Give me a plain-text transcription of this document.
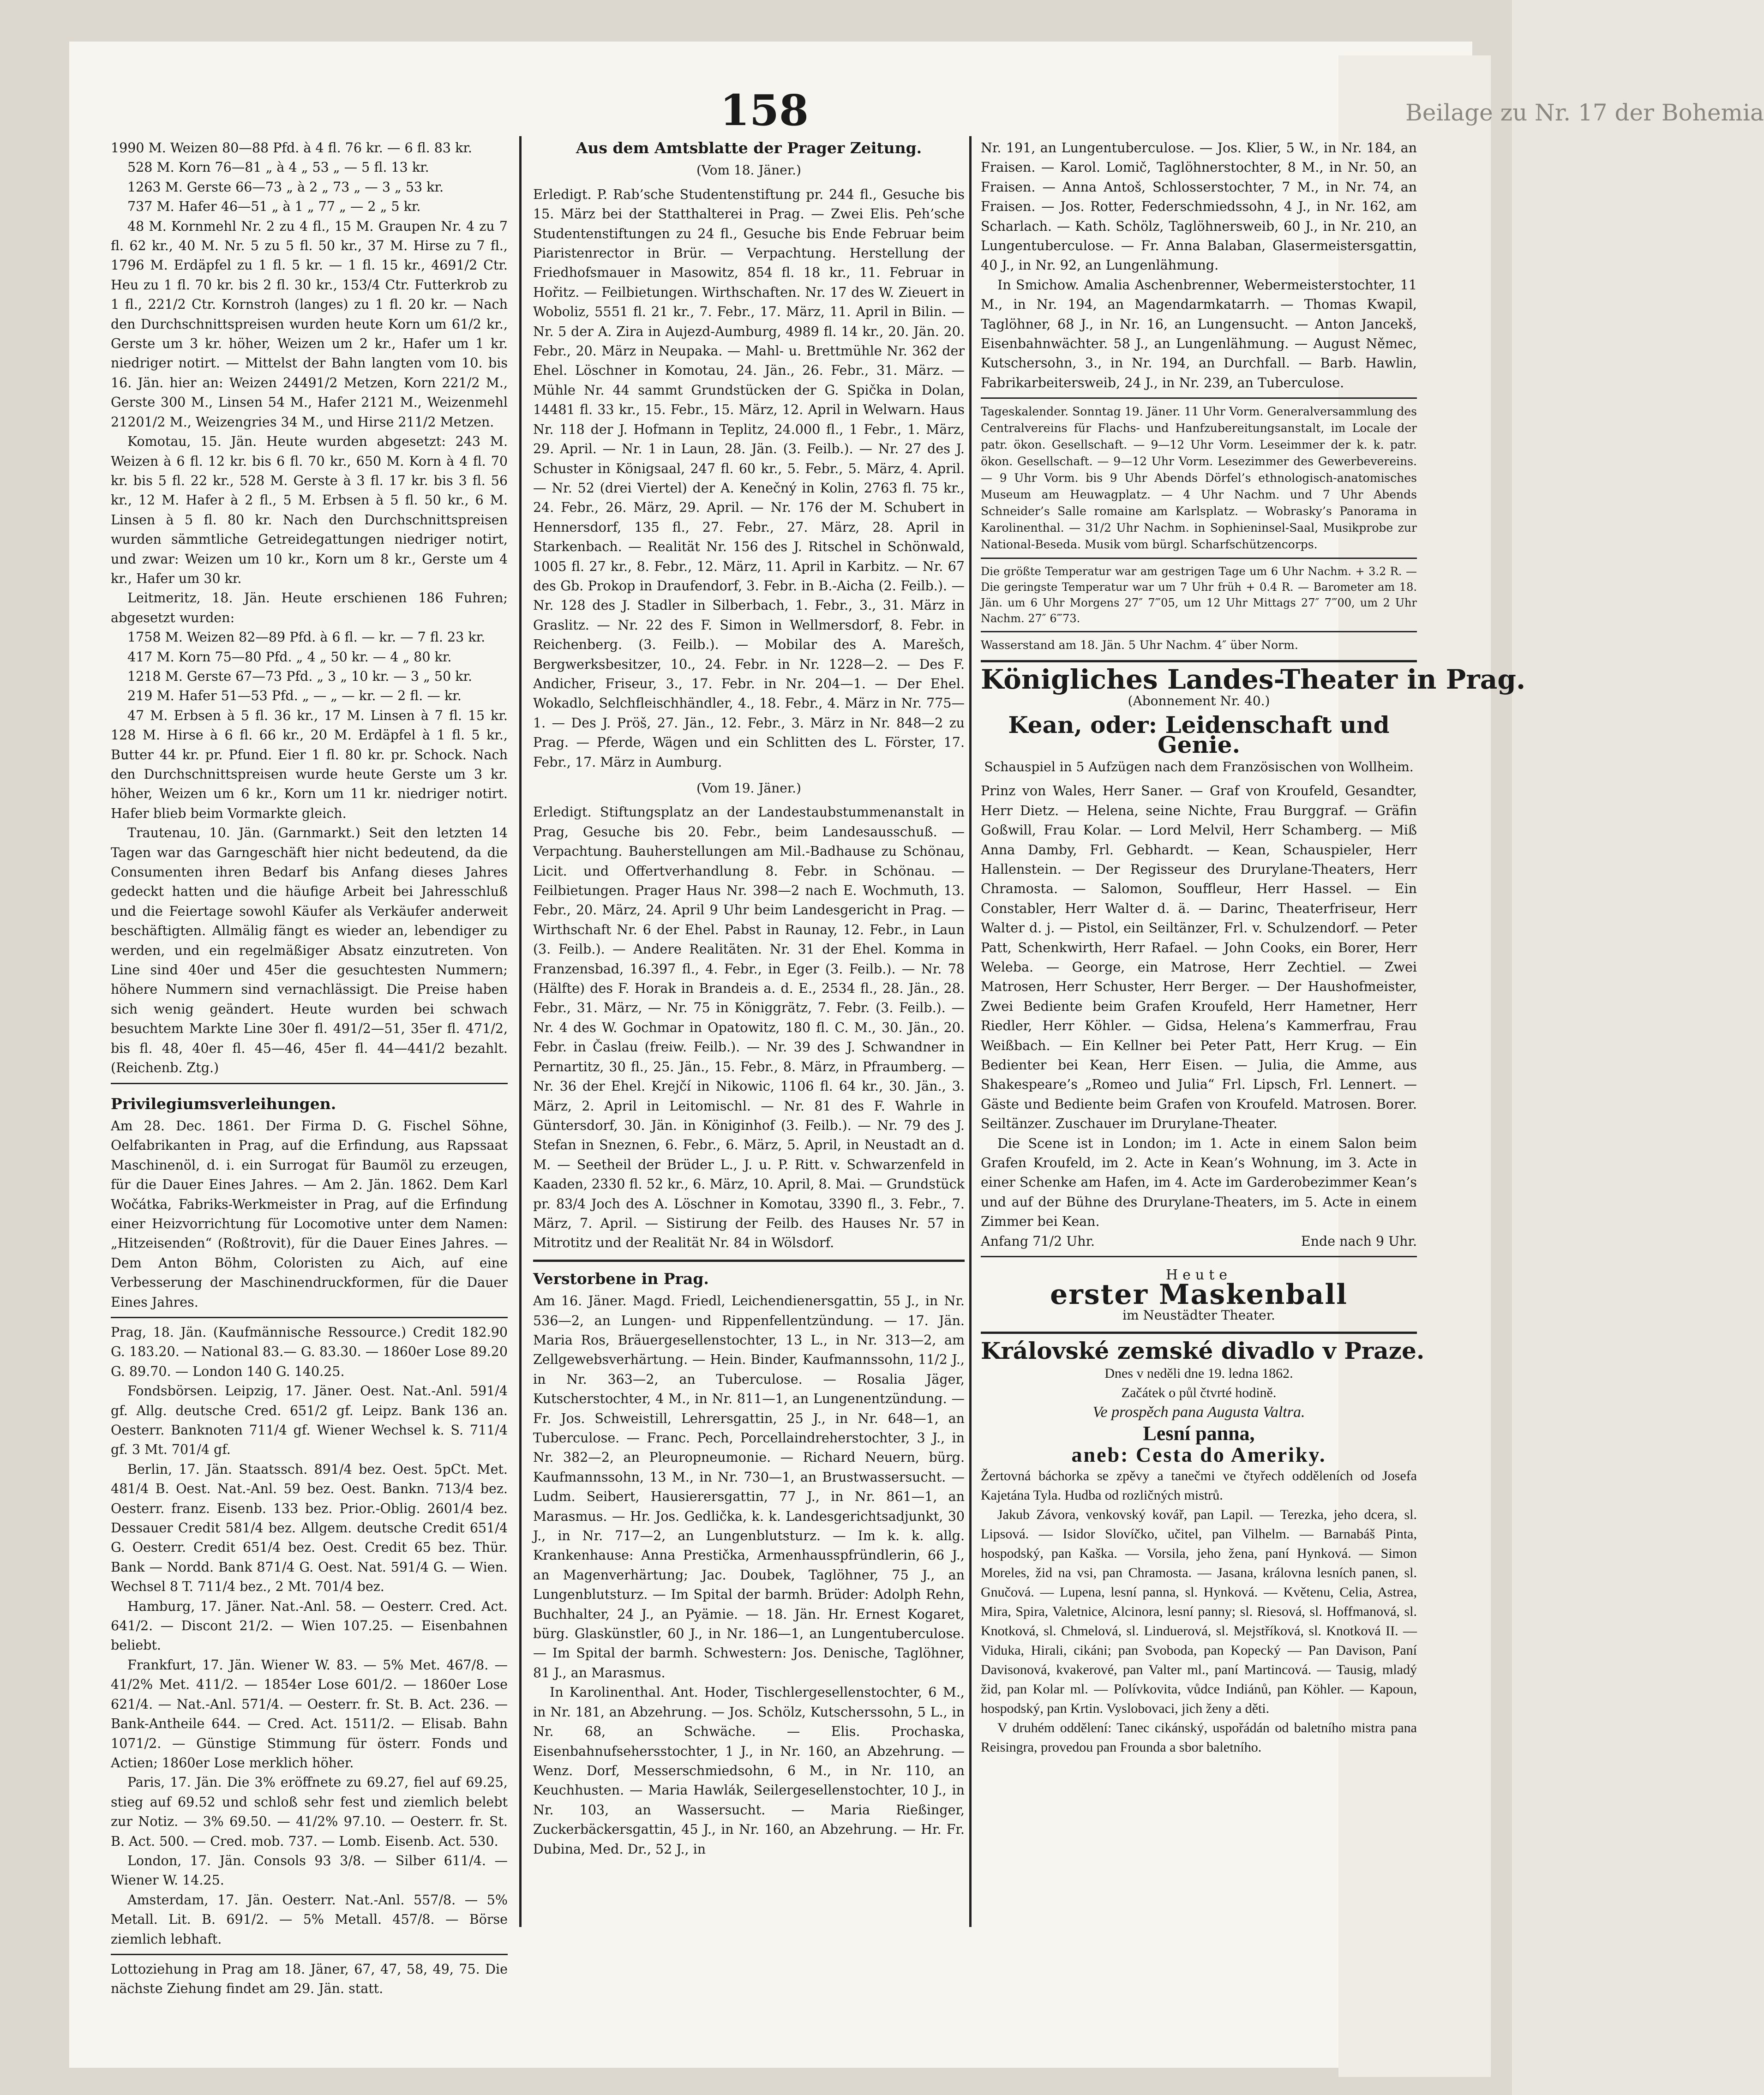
Beilage zu Nr. 17 der Bohemia
158

1990 M. Weizen 80—88 Pfd. à 4 fl. 76 kr. — 6 fl. 83 kr.

528 M. Korn 76—81 „ à 4 „ 53 „ — 5 fl. 13 kr.

1263 M. Gerste 66—73 „ à 2 „ 73 „ — 3 „ 53 kr.

737 M. Hafer 46—51 „ à 1 „ 77 „ — 2 „ 5 kr.

48 M. Kornmehl Nr. 2 zu 4 fl., 15 M. Graupen Nr. 4 zu 7 fl. 62 kr., 40 M. Nr. 5 zu 5 fl. 50 kr., 37 M. Hirse zu 7 fl., 1796 M. Erdäpfel zu 1 fl. 5 kr. — 1 fl. 15 kr., 4691/2 Ctr. Heu zu 1 fl. 70 kr. bis 2 fl. 30 kr., 153/4 Ctr. Futterkrob zu 1 fl., 221/2 Ctr. Kornstroh (langes) zu 1 fl. 20 kr. — Nach den Durchschnittspreisen wurden heute Korn um 61/2 kr., Gerste um 3 kr. höher, Weizen um 2 kr., Hafer um 1 kr. niedriger notirt. — Mittelst der Bahn langten vom 10. bis 16. Jän. hier an: Weizen 24491/2 Metzen, Korn 221/2 M., Gerste 300 M., Linsen 54 M., Hafer 2121 M., Weizenmehl 21201/2 M., Weizengries 34 M., und Hirse 211/2 Metzen.

Komotau, 15. Jän. Heute wurden abgesetzt: 243 M. Weizen à 6 fl. 12 kr. bis 6 fl. 70 kr., 650 M. Korn à 4 fl. 70 kr. bis 5 fl. 22 kr., 528 M. Gerste à 3 fl. 17 kr. bis 3 fl. 56 kr., 12 M. Hafer à 2 fl., 5 M. Erbsen à 5 fl. 50 kr., 6 M. Linsen à 5 fl. 80 kr. Nach den Durchschnittspreisen wurden sämmtliche Getreidegattungen niedriger notirt, und zwar: Weizen um 10 kr., Korn um 8 kr., Gerste um 4 kr., Hafer um 30 kr.

Leitmeritz, 18. Jän. Heute erschienen 186 Fuhren; abgesetzt wurden:

1758 M. Weizen 82—89 Pfd. à 6 fl. — kr. — 7 fl. 23 kr.

417 M. Korn 75—80 Pfd. „ 4 „ 50 kr. — 4 „ 80 kr.

1218 M. Gerste 67—73 Pfd. „ 3 „ 10 kr. — 3 „ 50 kr.

219 M. Hafer 51—53 Pfd. „ — „ — kr. — 2 fl. — kr.

47 M. Erbsen à 5 fl. 36 kr., 17 M. Linsen à 7 fl. 15 kr. 128 M. Hirse à 6 fl. 66 kr., 20 M. Erdäpfel à 1 fl. 5 kr., Butter 44 kr. pr. Pfund. Eier 1 fl. 80 kr. pr. Schock. Nach den Durchschnittspreisen wurde heute Gerste um 3 kr. höher, Weizen um 6 kr., Korn um 11 kr. niedriger notirt. Hafer blieb beim Vormarkte gleich.

Trautenau, 10. Jän. (Garnmarkt.) Seit den letzten 14 Tagen war das Garngeschäft hier nicht bedeutend, da die Consumenten ihren Bedarf bis Anfang dieses Jahres gedeckt hatten und die häufige Arbeit bei Jahresschluß und die Feiertage sowohl Käufer als Verkäufer anderweit beschäftigten. Allmälig fängt es wieder an, lebendiger zu werden, und ein regelmäßiger Absatz einzutreten. Von Line sind 40er und 45er die gesuchtesten Nummern; höhere Nummern sind vernachlässigt. Die Preise haben sich wenig geändert. Heute wurden bei schwach besuchtem Markte Line 30er fl. 491/2—51, 35er fl. 471/2, bis fl. 48, 40er fl. 45—46, 45er fl. 44—441/2 bezahlt. (Reichenb. Ztg.)

Privilegiumsverleihungen.

Am 28. Dec. 1861. Der Firma D. G. Fischel Söhne, Oelfabrikanten in Prag, auf die Erfindung, aus Rapssaat Maschinenöl, d. i. ein Surrogat für Baumöl zu erzeugen, für die Dauer Eines Jahres. — Am 2. Jän. 1862. Dem Karl Wočátka, Fabriks-Werkmeister in Prag, auf die Erfindung einer Heizvorrichtung für Locomotive unter dem Namen: „Hitzeisenden“ (Roßtrovit), für die Dauer Eines Jahres. — Dem Anton Böhm, Coloristen zu Aich, auf eine Verbesserung der Maschinendruckformen, für die Dauer Eines Jahres.

Prag, 18. Jän. (Kaufmännische Ressource.) Credit 182.90 G. 183.20. — National 83.— G. 83.30. — 1860er Lose 89.20 G. 89.70. — London 140 G. 140.25.

Fondsbörsen. Leipzig, 17. Jäner. Oest. Nat.-Anl. 591/4 gf. Allg. deutsche Cred. 651/2 gf. Leipz. Bank 136 an. Oesterr. Banknoten 711/4 gf. Wiener Wechsel k. S. 711/4 gf. 3 Mt. 701/4 gf.

Berlin, 17. Jän. Staatssch. 891/4 bez. Oest. 5pCt. Met. 481/4 B. Oest. Nat.-Anl. 59 bez. Oest. Bankn. 713/4 bez. Oesterr. franz. Eisenb. 133 bez. Prior.-Oblig. 2601/4 bez. Dessauer Credit 581/4 bez. Allgem. deutsche Credit 651/4 G. Oesterr. Credit 651/4 bez. Oest. Credit 65 bez. Thür. Bank — Nordd. Bank 871/4 G. Oest. Nat. 591/4 G. — Wien. Wechsel 8 T. 711/4 bez., 2 Mt. 701/4 bez.

Hamburg, 17. Jäner. Nat.-Anl. 58. — Oesterr. Cred. Act. 641/2. — Discont 21/2. — Wien 107.25. — Eisenbahnen beliebt.

Frankfurt, 17. Jän. Wiener W. 83. — 5% Met. 467/8. — 41/2% Met. 411/2. — 1854er Lose 601/2. — 1860er Lose 621/4. — Nat.-Anl. 571/4. — Oesterr. fr. St. B. Act. 236. — Bank-Antheile 644. — Cred. Act. 1511/2. — Elisab. Bahn 1071/2. — Günstige Stimmung für österr. Fonds und Actien; 1860er Lose merklich höher.

Paris, 17. Jän. Die 3% eröffnete zu 69.27, fiel auf 69.25, stieg auf 69.52 und schloß sehr fest und ziemlich belebt zur Notiz. — 3% 69.50. — 41/2% 97.10. — Oesterr. fr. St. B. Act. 500. — Cred. mob. 737. — Lomb. Eisenb. Act. 530.

London, 17. Jän. Consols 93 3/8. — Silber 611/4. — Wiener W. 14.25.

Amsterdam, 17. Jän. Oesterr. Nat.-Anl. 557/8. — 5% Metall. Lit. B. 691/2. — 5% Metall. 457/8. — Börse ziemlich lebhaft.

Lottoziehung in Prag am 18. Jäner, 67, 47, 58, 49, 75. Die nächste Ziehung findet am 29. Jän. statt.

Aus dem Amtsblatte der Prager Zeitung.
(Vom 18. Jäner.)

Erledigt. P. Rab’sche Studentenstiftung pr. 244 fl., Gesuche bis 15. März bei der Statthalterei in Prag. — Zwei Elis. Peh’sche Studentenstiftungen zu 24 fl., Gesuche bis Ende Februar beim Piaristenrector in Brür. — Verpachtung. Herstellung der Friedhofsmauer in Masowitz, 854 fl. 18 kr., 11. Februar in Hořitz. — Feilbietungen. Wirthschaften. Nr. 17 des W. Zieuert in Woboliz, 5551 fl. 21 kr., 7. Febr., 17. März, 11. April in Bilin. — Nr. 5 der A. Zira in Aujezd-Aumburg, 4989 fl. 14 kr., 20. Jän. 20. Febr., 20. März in Neupaka. — Mahl- u. Brettmühle Nr. 362 der Ehel. Löschner in Komotau, 24. Jän., 26. Febr., 31. März. — Mühle Nr. 44 sammt Grundstücken der G. Spička in Dolan, 14481 fl. 33 kr., 15. Febr., 15. März, 12. April in Welwarn. Haus Nr. 118 der J. Hofmann in Teplitz, 24.000 fl., 1 Febr., 1. März, 29. April. — Nr. 1 in Laun, 28. Jän. (3. Feilb.). — Nr. 27 des J. Schuster in Königsaal, 247 fl. 60 kr., 5. Febr., 5. März, 4. April. — Nr. 52 (drei Viertel) der A. Kenečný in Kolin, 2763 fl. 75 kr., 24. Febr., 26. März, 29. April. — Nr. 176 der M. Schubert in Hennersdorf, 135 fl., 27. Febr., 27. März, 28. April in Starkenbach. — Realität Nr. 156 des J. Ritschel in Schönwald, 1005 fl. 27 kr., 8. Febr., 12. März, 11. April in Karbitz. — Nr. 67 des Gb. Prokop in Draufendorf, 3. Febr. in B.-Aicha (2. Feilb.). — Nr. 128 des J. Stadler in Silberbach, 1. Febr., 3., 31. März in Graslitz. — Nr. 22 des F. Simon in Wellmersdorf, 8. Febr. in Reichenberg. (3. Feilb.). — Mobilar des A. Marešch, Bergwerksbesitzer, 10., 24. Febr. in Nr. 1228—2. — Des F. Andicher, Friseur, 3., 17. Febr. in Nr. 204—1. — Der Ehel. Wokadlo, Selchfleischhändler, 4., 18. Febr., 4. März in Nr. 775—1. — Des J. Pröš, 27. Jän., 12. Febr., 3. März in Nr. 848—2 zu Prag. — Pferde, Wägen und ein Schlitten des L. Förster, 17. Febr., 17. März in Aumburg.

(Vom 19. Jäner.)

Erledigt. Stiftungsplatz an der Landestaubstummenanstalt in Prag, Gesuche bis 20. Febr., beim Landesausschuß. — Verpachtung. Bauherstellungen am Mil.-Badhause zu Schönau, Licit. und Offertverhandlung 8. Febr. in Schönau. — Feilbietungen. Prager Haus Nr. 398—2 nach E. Wochmuth, 13. Febr., 20. März, 24. April 9 Uhr beim Landesgericht in Prag. — Wirthschaft Nr. 6 der Ehel. Pabst in Raunay, 12. Febr., in Laun (3. Feilb.). — Andere Realitäten. Nr. 31 der Ehel. Komma in Franzensbad, 16.397 fl., 4. Febr., in Eger (3. Feilb.). — Nr. 78 (Hälfte) des F. Horak in Brandeis a. d. E., 2534 fl., 28. Jän., 28. Febr., 31. März, — Nr. 75 in Königgrätz, 7. Febr. (3. Feilb.). — Nr. 4 des W. Gochmar in Opatowitz, 180 fl. C. M., 30. Jän., 20. Febr. in Časlau (freiw. Feilb.). — Nr. 39 des J. Schwandner in Pernartitz, 30 fl., 25. Jän., 15. Febr., 8. März, in Pfraumberg. — Nr. 36 der Ehel. Krejčí in Nikowic, 1106 fl. 64 kr., 30. Jän., 3. März, 2. April in Leitomischl. — Nr. 81 des F. Wahrle in Güntersdorf, 30. Jän. in Königinhof (3. Feilb.). — Nr. 79 des J. Stefan in Sneznen, 6. Febr., 6. März, 5. April, in Neustadt an d. M. — Seetheil der Brüder L., J. u. P. Ritt. v. Schwarzenfeld in Kaaden, 2330 fl. 52 kr., 6. März, 10. April, 8. Mai. — Grundstück pr. 83/4 Joch des A. Löschner in Komotau, 3390 fl., 3. Febr., 7. März, 7. April. — Sistirung der Feilb. des Hauses Nr. 57 in Mitrotitz und der Realität Nr. 84 in Wölsdorf.

Verstorbene in Prag.

Am 16. Jäner. Magd. Friedl, Leichendienersgattin, 55 J., in Nr. 536—2, an Lungen- und Rippenfellentzündung. — 17. Jän. Maria Ros, Bräuergesellenstochter, 13 L., in Nr. 313—2, am Zellgewebsverhärtung. — Hein. Binder, Kaufmannssohn, 11/2 J., in Nr. 363—2, an Tuberculose. — Rosalia Jäger, Kutscherstochter, 4 M., in Nr. 811—1, an Lungenentzündung. — Fr. Jos. Schweistill, Lehrersgattin, 25 J., in Nr. 648—1, an Tuberculose. — Franc. Pech, Porcellaindreherstochter, 3 J., in Nr. 382—2, an Pleuropneumonie. — Richard Neuern, bürg. Kaufmannssohn, 13 M., in Nr. 730—1, an Brustwassersucht. — Ludm. Seibert, Hausierersgattin, 77 J., in Nr. 861—1, an Marasmus. — Hr. Jos. Gedlička, k. k. Landesgerichtsadjunkt, 30 J., in Nr. 717—2, an Lungenblutsturz. — Im k. k. allg. Krankenhause: Anna Prestička, Armenhausspfründlerin, 66 J., an Magenverhärtung; Jac. Doubek, Taglöhner, 75 J., an Lungenblutsturz. — Im Spital der barmh. Brüder: Adolph Rehn, Buchhalter, 24 J., an Pyämie. — 18. Jän. Hr. Ernest Kogaret, bürg. Glaskünstler, 60 J., in Nr. 186—1, an Lungentuberculose. — Im Spital der barmh. Schwestern: Jos. Denische, Taglöhner, 81 J., an Marasmus.

In Karolinenthal. Ant. Hoder, Tischlergesellenstochter, 6 M., in Nr. 181, an Abzehrung. — Jos. Schölz, Kutscherssohn, 5 L., in Nr. 68, an Schwäche. — Elis. Prochaska, Eisenbahnufsehersstochter, 1 J., in Nr. 160, an Abzehrung. — Wenz. Dorf, Messerschmiedsohn, 6 M., in Nr. 110, an Keuchhusten. — Maria Hawlák, Seilergesellenstochter, 10 J., in Nr. 103, an Wassersucht. — Maria Rießinger, Zuckerbäckersgattin, 45 J., in Nr. 160, an Abzehrung. — Hr. Fr. Dubina, Med. Dr., 52 J., in

Nr. 191, an Lungentuberculose. — Jos. Klier, 5 W., in Nr. 184, an Fraisen. — Karol. Lomič, Taglöhnerstochter, 8 M., in Nr. 50, an Fraisen. — Anna Antoš, Schlosserstochter, 7 M., in Nr. 74, an Fraisen. — Jos. Rotter, Federschmiedssohn, 4 J., in Nr. 162, am Scharlach. — Kath. Schölz, Taglöhnersweib, 60 J., in Nr. 210, an Lungentuberculose. — Fr. Anna Balaban, Glasermeistersgattin, 40 J., in Nr. 92, an Lungenlähmung.

In Smichow. Amalia Aschenbrenner, Webermeisterstochter, 11 M., in Nr. 194, an Magendarmkatarrh. — Thomas Kwapil, Taglöhner, 68 J., in Nr. 16, an Lungensucht. — Anton Jancekš, Eisenbahnwächter. 58 J., an Lungenlähmung. — August Němec, Kutschersohn, 3., in Nr. 194, an Durchfall. — Barb. Hawlin, Fabrikarbeitersweib, 24 J., in Nr. 239, an Tuberculose.

Tageskalender. Sonntag 19. Jäner. 11 Uhr Vorm. Generalversammlung des Centralvereins für Flachs- und Hanfzubereitungsanstalt, im Locale der patr. ökon. Gesellschaft. — 9—12 Uhr Vorm. Leseimmer der k. k. patr. ökon. Gesellschaft. — 9—12 Uhr Vorm. Lesezimmer des Gewerbevereins. — 9 Uhr Vorm. bis 9 Uhr Abends Dörfel’s ethnologisch-anatomisches Museum am Heuwagplatz. — 4 Uhr Nachm. und 7 Uhr Abends Schneider’s Salle romaine am Karlsplatz. — Wobrasky’s Panorama in Karolinenthal. — 31/2 Uhr Nachm. in Sophieninsel-Saal, Musikprobe zur National-Beseda. Musik vom bürgl. Scharfschützencorps.

Die größte Temperatur war am gestrigen Tage um 6 Uhr Nachm. + 3.2 R. — Die geringste Temperatur war um 7 Uhr früh + 0.4 R. — Barometer am 18. Jän. um 6 Uhr Morgens 27″ 7‴05, um 12 Uhr Mittags 27″ 7‴00, um 2 Uhr Nachm. 27″ 6‴73.

Wasserstand am 18. Jän. 5 Uhr Nachm. 4″ über Norm.

Königliches Landes-Theater in Prag.
(Abonnement Nr. 40.)
Kean, oder: Leidenschaft und Genie.
Schauspiel in 5 Aufzügen nach dem Französischen von Wollheim.

Prinz von Wales, Herr Saner. — Graf von Kroufeld, Gesandter, Herr Dietz. — Helena, seine Nichte, Frau Burggraf. — Gräfin Goßwill, Frau Kolar. — Lord Melvil, Herr Schamberg. — Miß Anna Damby, Frl. Gebhardt. — Kean, Schauspieler, Herr Hallenstein. — Der Regisseur des Drurylane-Theaters, Herr Chramosta. — Salomon, Souffleur, Herr Hassel. — Ein Constabler, Herr Walter d. ä. — Darinc, Theaterfriseur, Herr Walter d. j. — Pistol, ein Seiltänzer, Frl. v. Schulzendorf. — Peter Patt, Schenkwirth, Herr Rafael. — John Cooks, ein Borer, Herr Weleba. — George, ein Matrose, Herr Zechtiel. — Zwei Matrosen, Herr Schuster, Herr Berger. — Der Haushofmeister, Zwei Bediente beim Grafen Kroufeld, Herr Hametner, Herr Riedler, Herr Köhler. — Gidsa, Helena’s Kammerfrau, Frau Weißbach. — Ein Kellner bei Peter Patt, Herr Krug. — Ein Bedienter bei Kean, Herr Eisen. — Julia, die Amme, aus Shakespeare’s „Romeo und Julia“ Frl. Lipsch, Frl. Lennert. — Gäste und Bediente beim Grafen von Kroufeld. Matrosen. Borer. Seiltänzer. Zuschauer im Drurylane-Theater.

Die Scene ist in London; im 1. Acte in einem Salon beim Grafen Kroufeld, im 2. Acte in Kean’s Wohnung, im 3. Acte in einer Schenke am Hafen, im 4. Acte im Garderobezimmer Kean’s und auf der Bühne des Drurylane-Theaters, im 5. Acte in einem Zimmer bei Kean.

Anfang 71/2 Uhr.	Ende nach 9 Uhr.
Heute
erster Maskenball
im Neustädter Theater.
Královské zemské divadlo v Praze.
Dnes v neděli dne 19. ledna 1862.
Začátek o půl čtvrté hodině.
Ve prospěch pana Augusta Valtra.
Lesní panna,
aneb: Cesta do Ameriky.

Žertovná báchorka se zpěvy a tanečmi ve čtyřech odděleních od Josefa Kajetána Tyla. Hudba od rozličných mistrů.

Jakub Závora, venkovský kovář, pan Lapil. — Terezka, jeho dcera, sl. Lipsová. — Isidor Slovíčko, učitel, pan Vilhelm. — Barnabáš Pinta, hospodský, pan Kaška. — Vorsila, jeho žena, paní Hynková. — Simon Moreles, žid na vsi, pan Chramosta. — Jasana, královna lesních panen, sl. Gnučová. — Lupena, lesní panna, sl. Hynková. — Květenu, Celia, Astrea, Mira, Spira, Valetnice, Alcinora, lesní panny; sl. Riesová, sl. Hoffmanová, sl. Knotková, sl. Chmelová, sl. Linduerová, sl. Mejstříková, sl. Knotková II. — Viduka, Hirali, cikáni; pan Svoboda, pan Kopecký — Pan Davison, Paní Davisonová, kvakerové, pan Valter ml., paní Martincová. — Tausig, mladý žid, pan Kolar ml. — Polívkovita, vůdce Indiánů, pan Köhler. — Kapoun, hospodský, pan Krtin. Vyslobovaci, jich ženy a děti.

V druhém oddělení: Tanec cikánský, uspořádán od baletního mistra pana Reisingra, provedou pan Frounda a sbor baletního.
